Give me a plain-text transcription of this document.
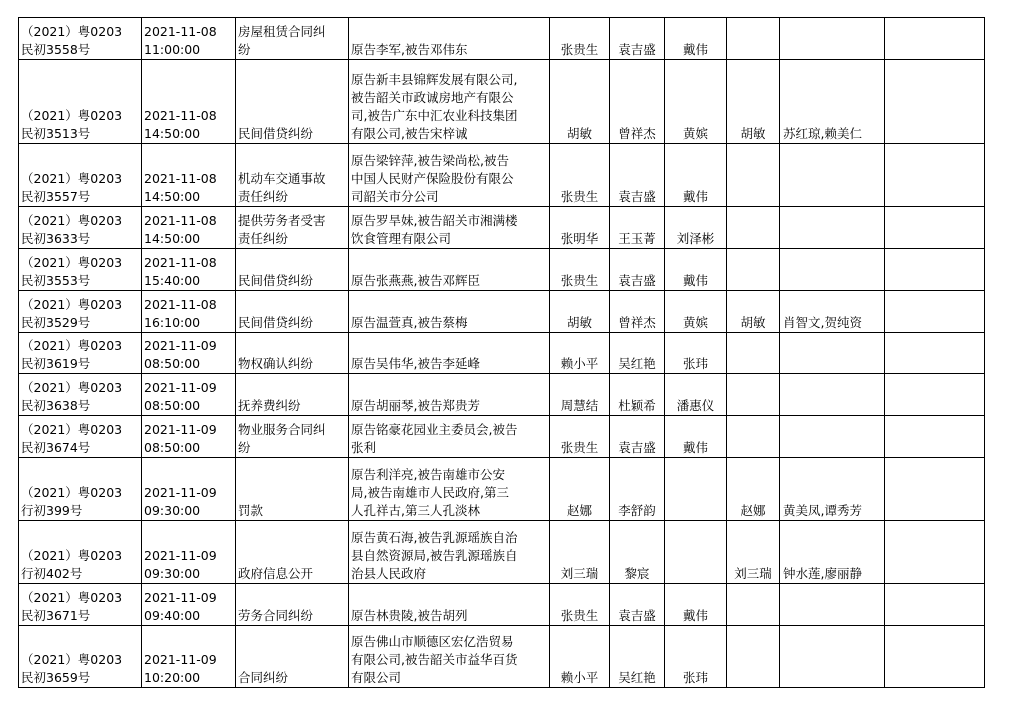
（2021）粤0203
民初3558号	2021-11-08
11:00:00	房屋租赁合同纠
纷	原告李军,被告邓伟东	张贵生	袁吉盛	戴伟			
（2021）粤0203
民初3513号	2021-11-08
14:50:00	民间借贷纠纷	原告新丰县锦辉发展有限公司,
被告韶关市政诚房地产有限公
司,被告广东中汇农业科技集团
有限公司,被告宋梓诚	胡敏	曾祥杰	黄嫔	胡敏	苏红琼,赖美仁	
（2021）粤0203
民初3557号	2021-11-08
14:50:00	机动车交通事故
责任纠纷	原告梁锌萍,被告梁尚松,被告
中国人民财产保险股份有限公
司韶关市分公司	张贵生	袁吉盛	戴伟			
（2021）粤0203
民初3633号	2021-11-08
14:50:00	提供劳务者受害
责任纠纷	原告罗旱妹,被告韶关市湘满楼
饮食管理有限公司	张明华	王玉菁	刘泽彬			
（2021）粤0203
民初3553号	2021-11-08
15:40:00	民间借贷纠纷	原告张燕燕,被告邓辉臣	张贵生	袁吉盛	戴伟			
（2021）粤0203
民初3529号	2021-11-08
16:10:00	民间借贷纠纷	原告温萱真,被告蔡梅	胡敏	曾祥杰	黄嫔	胡敏	肖智文,贺纯资	
（2021）粤0203
民初3619号	2021-11-09
08:50:00	物权确认纠纷	原告吴伟华,被告李延峰	赖小平	吴红艳	张玮			
（2021）粤0203
民初3638号	2021-11-09
08:50:00	抚养费纠纷	原告胡丽琴,被告郑贵芳	周慧结	杜颖希	潘惠仪			
（2021）粤0203
民初3674号	2021-11-09
08:50:00	物业服务合同纠
纷	原告铭豪花园业主委员会,被告
张利	张贵生	袁吉盛	戴伟			
（2021）粤0203
行初399号	2021-11-09
09:30:00	罚款	原告利洋亮,被告南雄市公安
局,被告南雄市人民政府,第三
人孔祥古,第三人孔淡林	赵娜	李舒韵		赵娜	黄美凤,谭秀芳	
（2021）粤0203
行初402号	2021-11-09
09:30:00	政府信息公开	原告黄石海,被告乳源瑶族自治
县自然资源局,被告乳源瑶族自
治县人民政府	刘三瑞	黎宸		刘三瑞	钟水莲,廖丽静	
（2021）粤0203
民初3671号	2021-11-09
09:40:00	劳务合同纠纷	原告林贵陵,被告胡列	张贵生	袁吉盛	戴伟			
（2021）粤0203
民初3659号	2021-11-09
10:20:00	合同纠纷	原告佛山市顺德区宏亿浩贸易
有限公司,被告韶关市益华百货
有限公司	赖小平	吴红艳	张玮			
